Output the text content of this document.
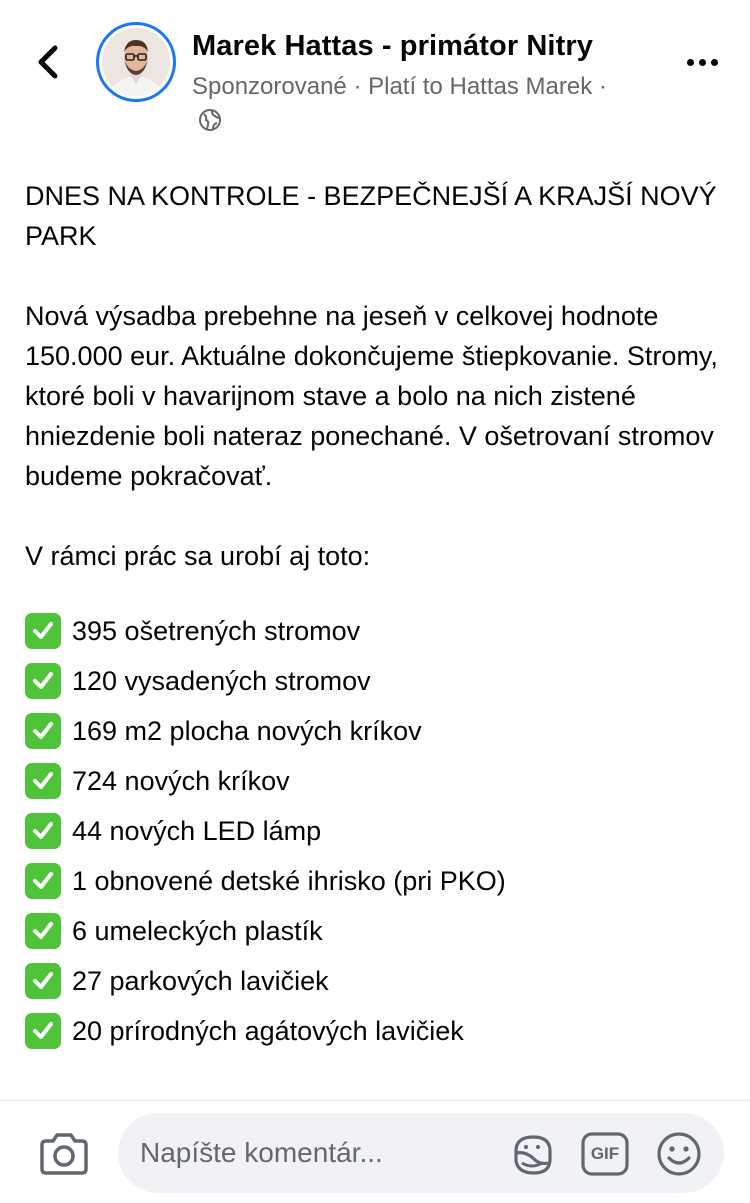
Marek Hattas - primátor Nitry
Sponzorované · Platí to Hattas Marek ·

DNES NA KONTROLE - BEZPEČNEJŠÍ A KRAJŠÍ NOVÝ PARK

Nová výsadba prebehne na jeseň v celkovej hodnote 150.000 eur. Aktuálne dokončujeme štiepkovanie. Stromy, ktoré boli v havarijnom stave a bolo na nich zistené hniezdenie boli nateraz ponechané. V ošetrovaní stromov budeme pokračovať.

V rámci prác sa urobí aj toto:

395 ošetrených stromov
120 vysadených stromov
169 m2 plocha nových kríkov
724 nových kríkov
44 nových LED lámp
1 obnovené detské ihrisko (pri PKO)
6 umeleckých plastík
27 parkových lavičiek
20 prírodných agátových lavičiek
Napíšte komentár...
GIF
